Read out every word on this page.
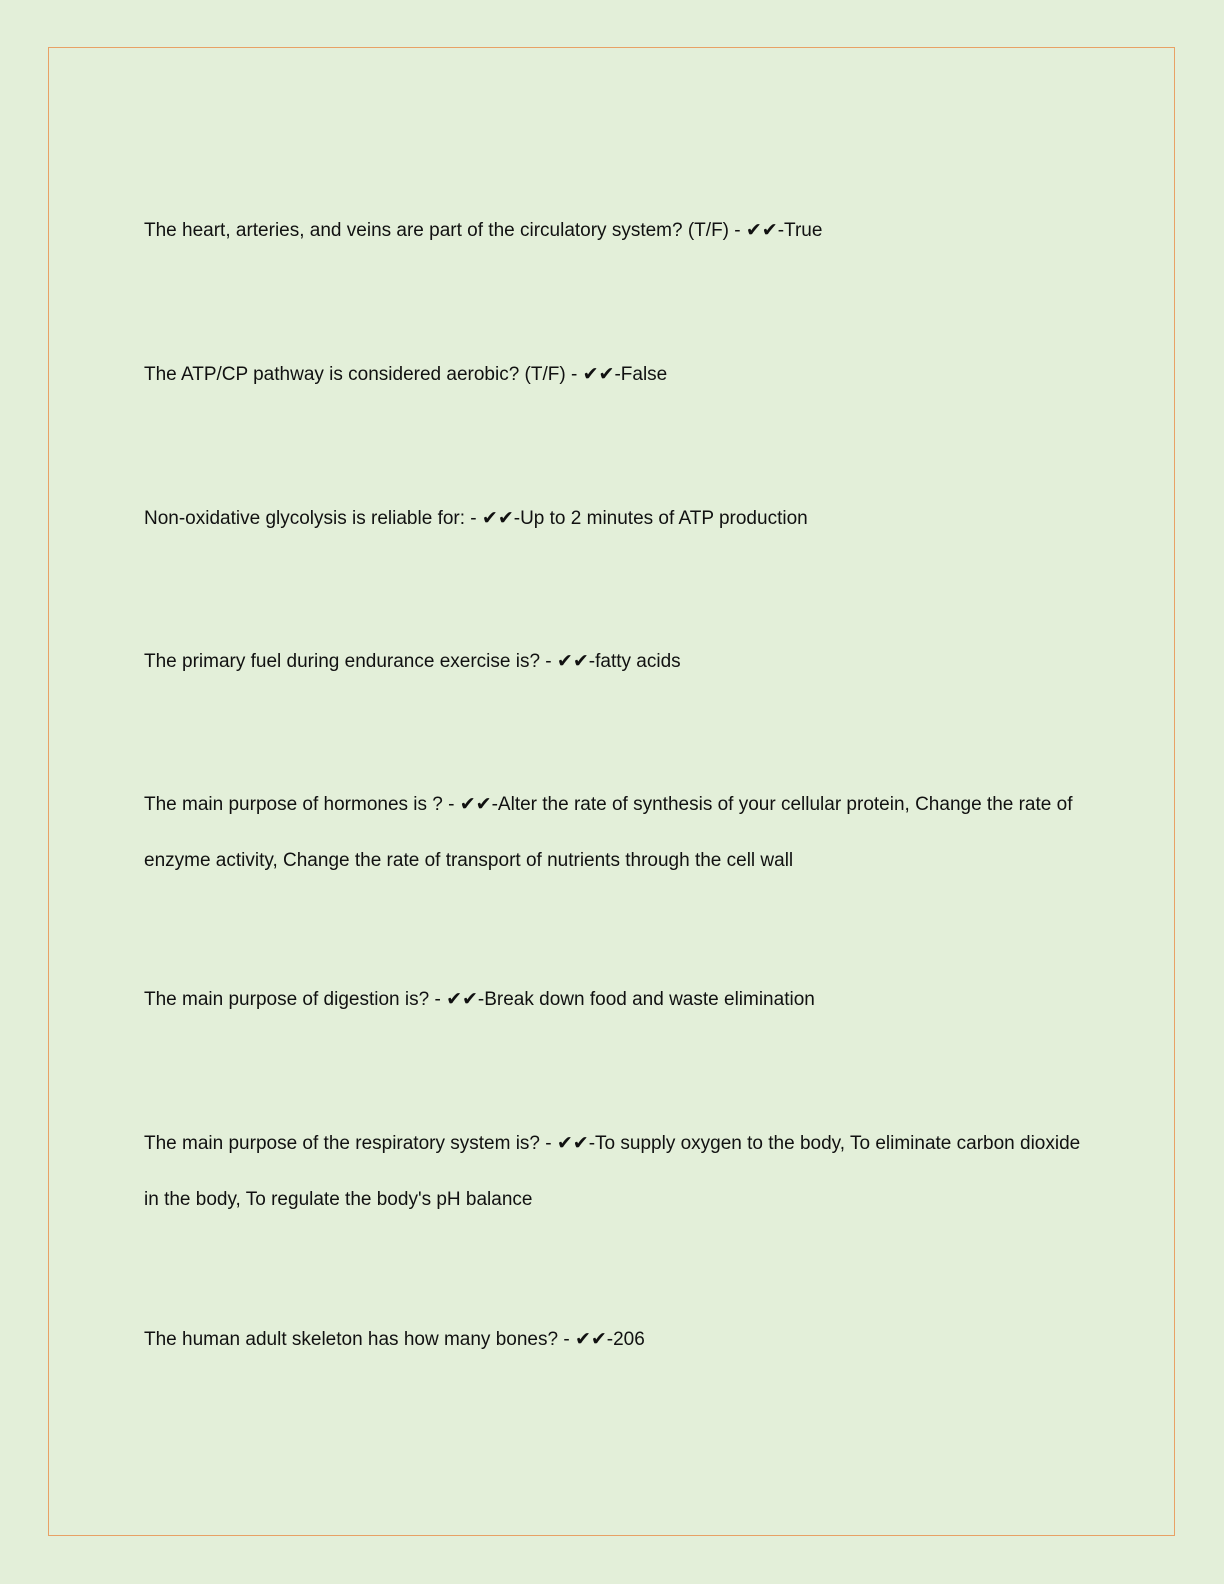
The heart, arteries, and veins are part of the circulatory system? (T/F) - ✔✔-True

The ATP/CP pathway is considered aerobic? (T/F) - ✔✔-False

Non-oxidative glycolysis is reliable for: - ✔✔-Up to 2 minutes of ATP production

The primary fuel during endurance exercise is? - ✔✔-fatty acids

The main purpose of hormones is ? - ✔✔-Alter the rate of synthesis of your cellular protein, Change the rate of enzyme activity, Change the rate of transport of nutrients through the cell wall

The main purpose of digestion is? - ✔✔-Break down food and waste elimination

The main purpose of the respiratory system is? - ✔✔-To supply oxygen to the body, To eliminate carbon dioxide in the body, To regulate the body's pH balance

The human adult skeleton has how many bones? - ✔✔-206
